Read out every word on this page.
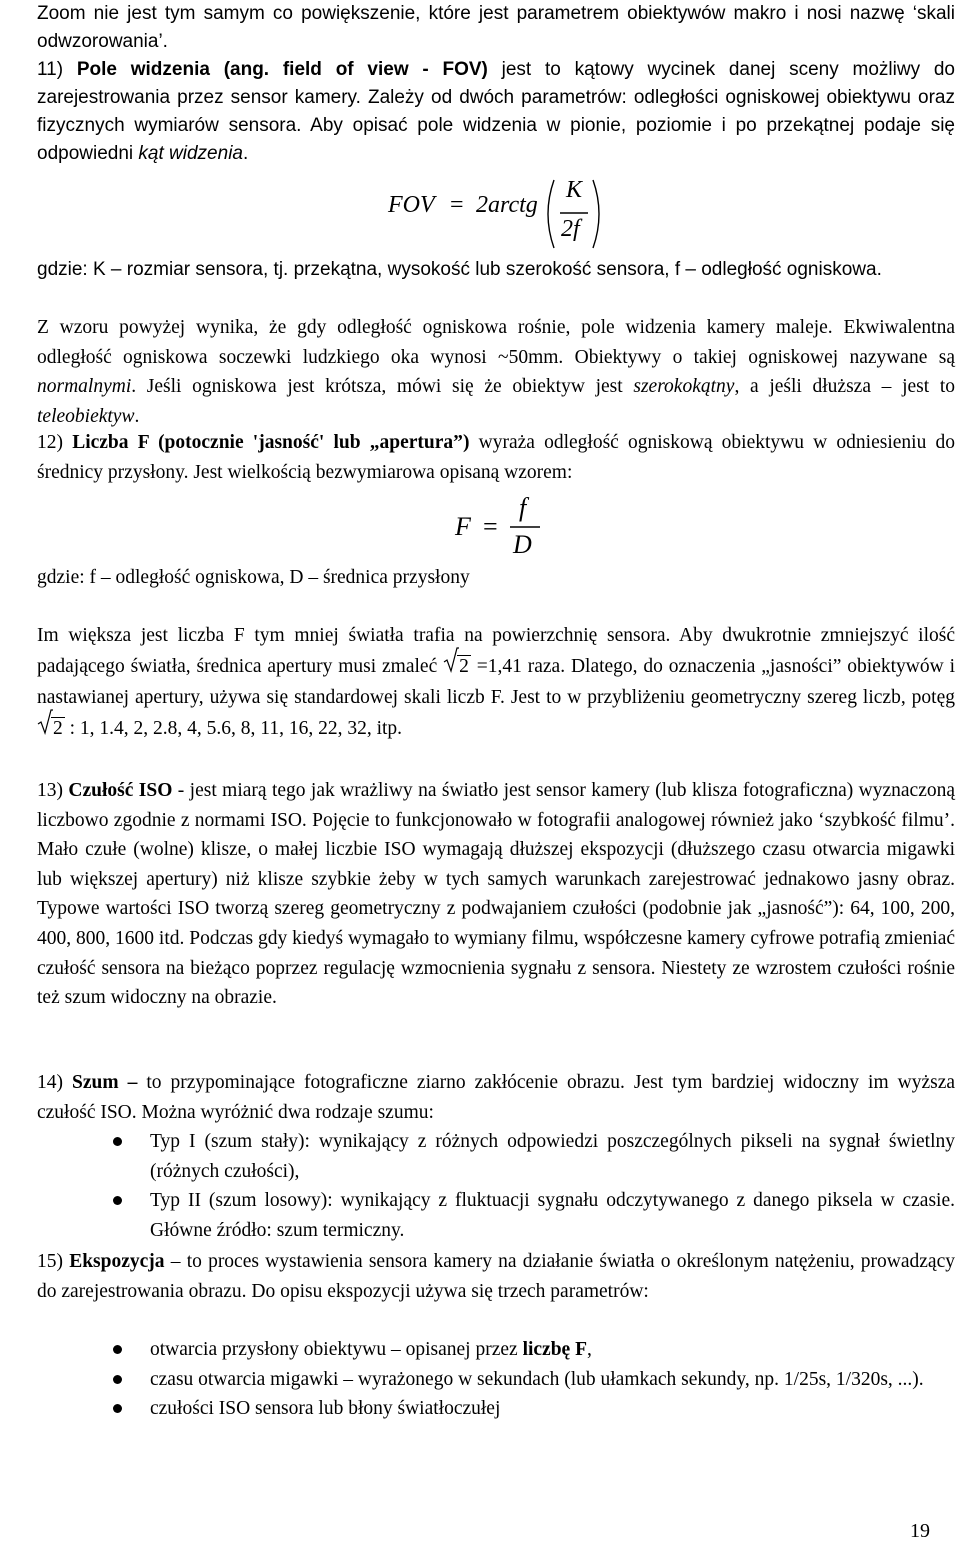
Zoom nie jest tym samym co powiększenie, które jest parametrem obiektywów makro i nosi nazwę ‘skali odwzorowania’.

11) Pole widzenia (ang. field of view - FOV) jest to kątowy wycinek danej sceny możliwy do zarejestrowania przez sensor kamery. Zależy od dwóch parametrów: odległości ogniskowej obiektywu oraz fizycznych wymiarów sensora. Aby opisać pole widzenia w pionie, poziomie i po przekątnej podaje się odpowiedni kąt widzenia.

FOV = 2arctg
K
2f

gdzie: K – rozmiar sensora, tj. przekątna, wysokość lub szerokość sensora, f – odległość ogniskowa.

Z wzoru powyżej wynika, że gdy odległość ogniskowa rośnie, pole widzenia kamery maleje. Ekwiwalentna odległość ogniskowa soczewki ludzkiego oka wynosi ~50mm. Obiektywy o takiej ogniskowej nazywane są normalnymi. Jeśli ogniskowa jest krótsza, mówi się że obiektyw jest szerokokątny, a jeśli dłuższa – jest to teleobiektyw.

12) Liczba F (potocznie 'jasność' lub „apertura”) wyraża odległość ogniskową obiektywu w odniesieniu do średnicy przysłony. Jest wielkością bezwymiarowa opisaną wzorem:

F =
f
D

gdzie: f – odległość ogniskowa, D – średnica przysłony

Im większa jest liczba F tym mniej światła trafia na powierzchnię sensora. Aby dwukrotnie zmniejszyć ilość padającego światła, średnica apertury musi zmaleć
2 =1,41 raza. Dlatego, do oznaczenia „jasności” obiektywów i nastawianej apertury, używa się standardowej skali liczb F. Jest to w przybliżeniu geometryczny szereg liczb, potęg
2 : 1, 1.4, 2, 2.8, 4, 5.6, 8, 11, 16, 22, 32, itp.

13) Czułość ISO - jest miarą tego jak wrażliwy na światło jest sensor kamery (lub klisza fotograficzna) wyznaczoną liczbowo zgodnie z normami ISO. Pojęcie to funkcjonowało w fotografii analogowej również jako ‘szybkość filmu’. Mało czułe (wolne) klisze, o małej liczbie ISO wymagają dłuższej ekspozycji (dłuższego czasu otwarcia migawki lub większej apertury) niż klisze szybkie żeby w tych samych warunkach zarejestrować jednakowo jasny obraz. Typowe wartości ISO tworzą szereg geometryczny z podwajaniem czułości (podobnie jak „jasność”): 64, 100, 200, 400, 800, 1600 itd. Podczas gdy kiedyś wymagało to wymiany filmu, współczesne kamery cyfrowe potrafią zmieniać czułość sensora na bieżąco poprzez regulację wzmocnienia sygnału z sensora. Niestety ze wzrostem czułości rośnie też szum widoczny na obrazie.

14) Szum – to przypominające fotograficzne ziarno zakłócenie obrazu. Jest tym bardziej widoczny im wyższa czułość ISO. Można wyróżnić dwa rodzaje szumu:

Typ I (szum stały): wynikający z różnych odpowiedzi poszczególnych pikseli na sygnał świetlny (różnych czułości),
Typ II (szum losowy): wynikający z fluktuacji sygnału odczytywanego z danego piksela w czasie. Główne źródło: szum termiczny.

15) Ekspozycja – to proces wystawienia sensora kamery na działanie światła o określonym natężeniu, prowadzący do zarejestrowania obrazu. Do opisu ekspozycji używa się trzech parametrów:

otwarcia przysłony obiektywu – opisanej przez liczbę F,
czasu otwarcia migawki – wyrażonego w sekundach (lub ułamkach sekundy, np. 1/25s, 1/320s, ...).
czułości ISO sensora lub błony światłoczułej
19
